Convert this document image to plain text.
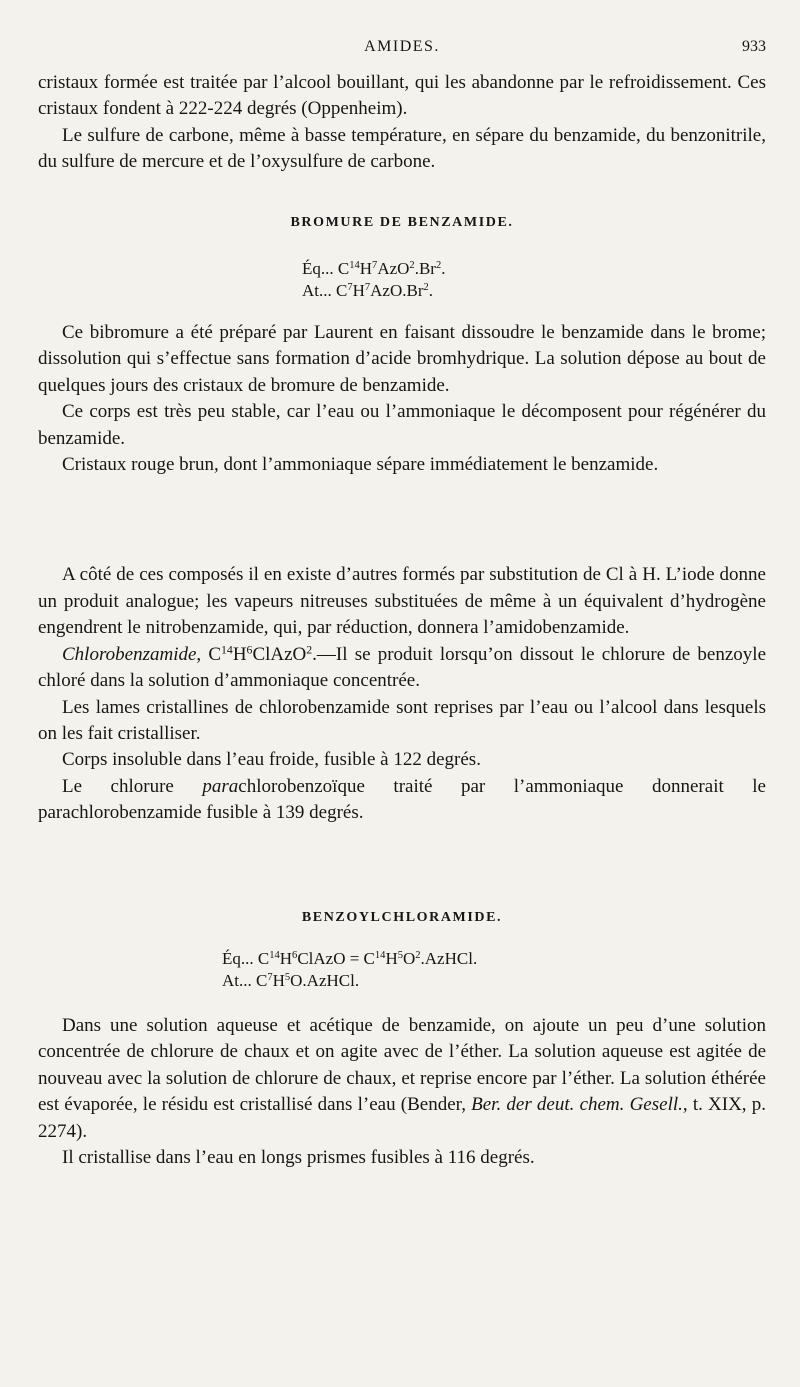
AMIDES.	933

cristaux formée est traitée par l’alcool bouillant, qui les abandonne par le refroidissement. Ces cristaux fondent à 222-224 degrés (Oppenheim).

Le sulfure de carbone, même à basse température, en sépare du benzamide, du benzonitrile, du sulfure de mercure et de l’oxysulfure de carbone.

BROMURE DE BENZAMIDE.
Éq... $C^{14}H^7AzO^2.Br^2$.
At... $C^7H^7AzO.Br^2$.

Ce bibromure a été préparé par Laurent en faisant dissoudre le benzamide dans le brome; dissolution qui s’effectue sans formation d’acide bromhydrique. La solution dépose au bout de quelques jours des cristaux de bromure de benzamide.

Ce corps est très peu stable, car l’eau ou l’ammoniaque le décomposent pour régénérer du benzamide.

Cristaux rouge brun, dont l’ammoniaque sépare immédiatement le benzamide.

A côté de ces composés il en existe d’autres formés par substitution de Cl à H. L’iode donne un produit analogue; les vapeurs nitreuses substituées de même à un équivalent d’hydrogène engendrent le nitrobenzamide, qui, par réduction, donnera l’amidobenzamide.

Chlorobenzamide, $C^{14}H^6ClAzO^2.—Il$ se produit lorsqu’on dissout le chlorure de benzoyle chloré dans la solution d’ammoniaque concentrée.

Les lames cristallines de chlorobenzamide sont reprises par l’eau ou l’alcool dans lesquels on les fait cristalliser.

Corps insoluble dans l’eau froide, fusible à 122 degrés.

Le chlorure parachlorobenzoïque traité par l’ammoniaque donnerait le parachlorobenzamide fusible à 139 degrés.

BENZOYLCHLORAMIDE.
Éq... $C^{14}H^6ClAzO$ = $C^{14}H^5O^2.AzHCl$.
At... $C^7H^5O.AzHCl$.

Dans une solution aqueuse et acétique de benzamide, on ajoute un peu d’une solution concentrée de chlorure de chaux et on agite avec de l’éther. La solution aqueuse est agitée de nouveau avec la solution de chlorure de chaux, et reprise encore par l’éther. La solution éthérée est évaporée, le résidu est cristallisé dans l’eau (Bender, Ber. der deut. chem. Gesell., t. XIX, p. 2274).

Il cristallise dans l’eau en longs prismes fusibles à 116 degrés.
